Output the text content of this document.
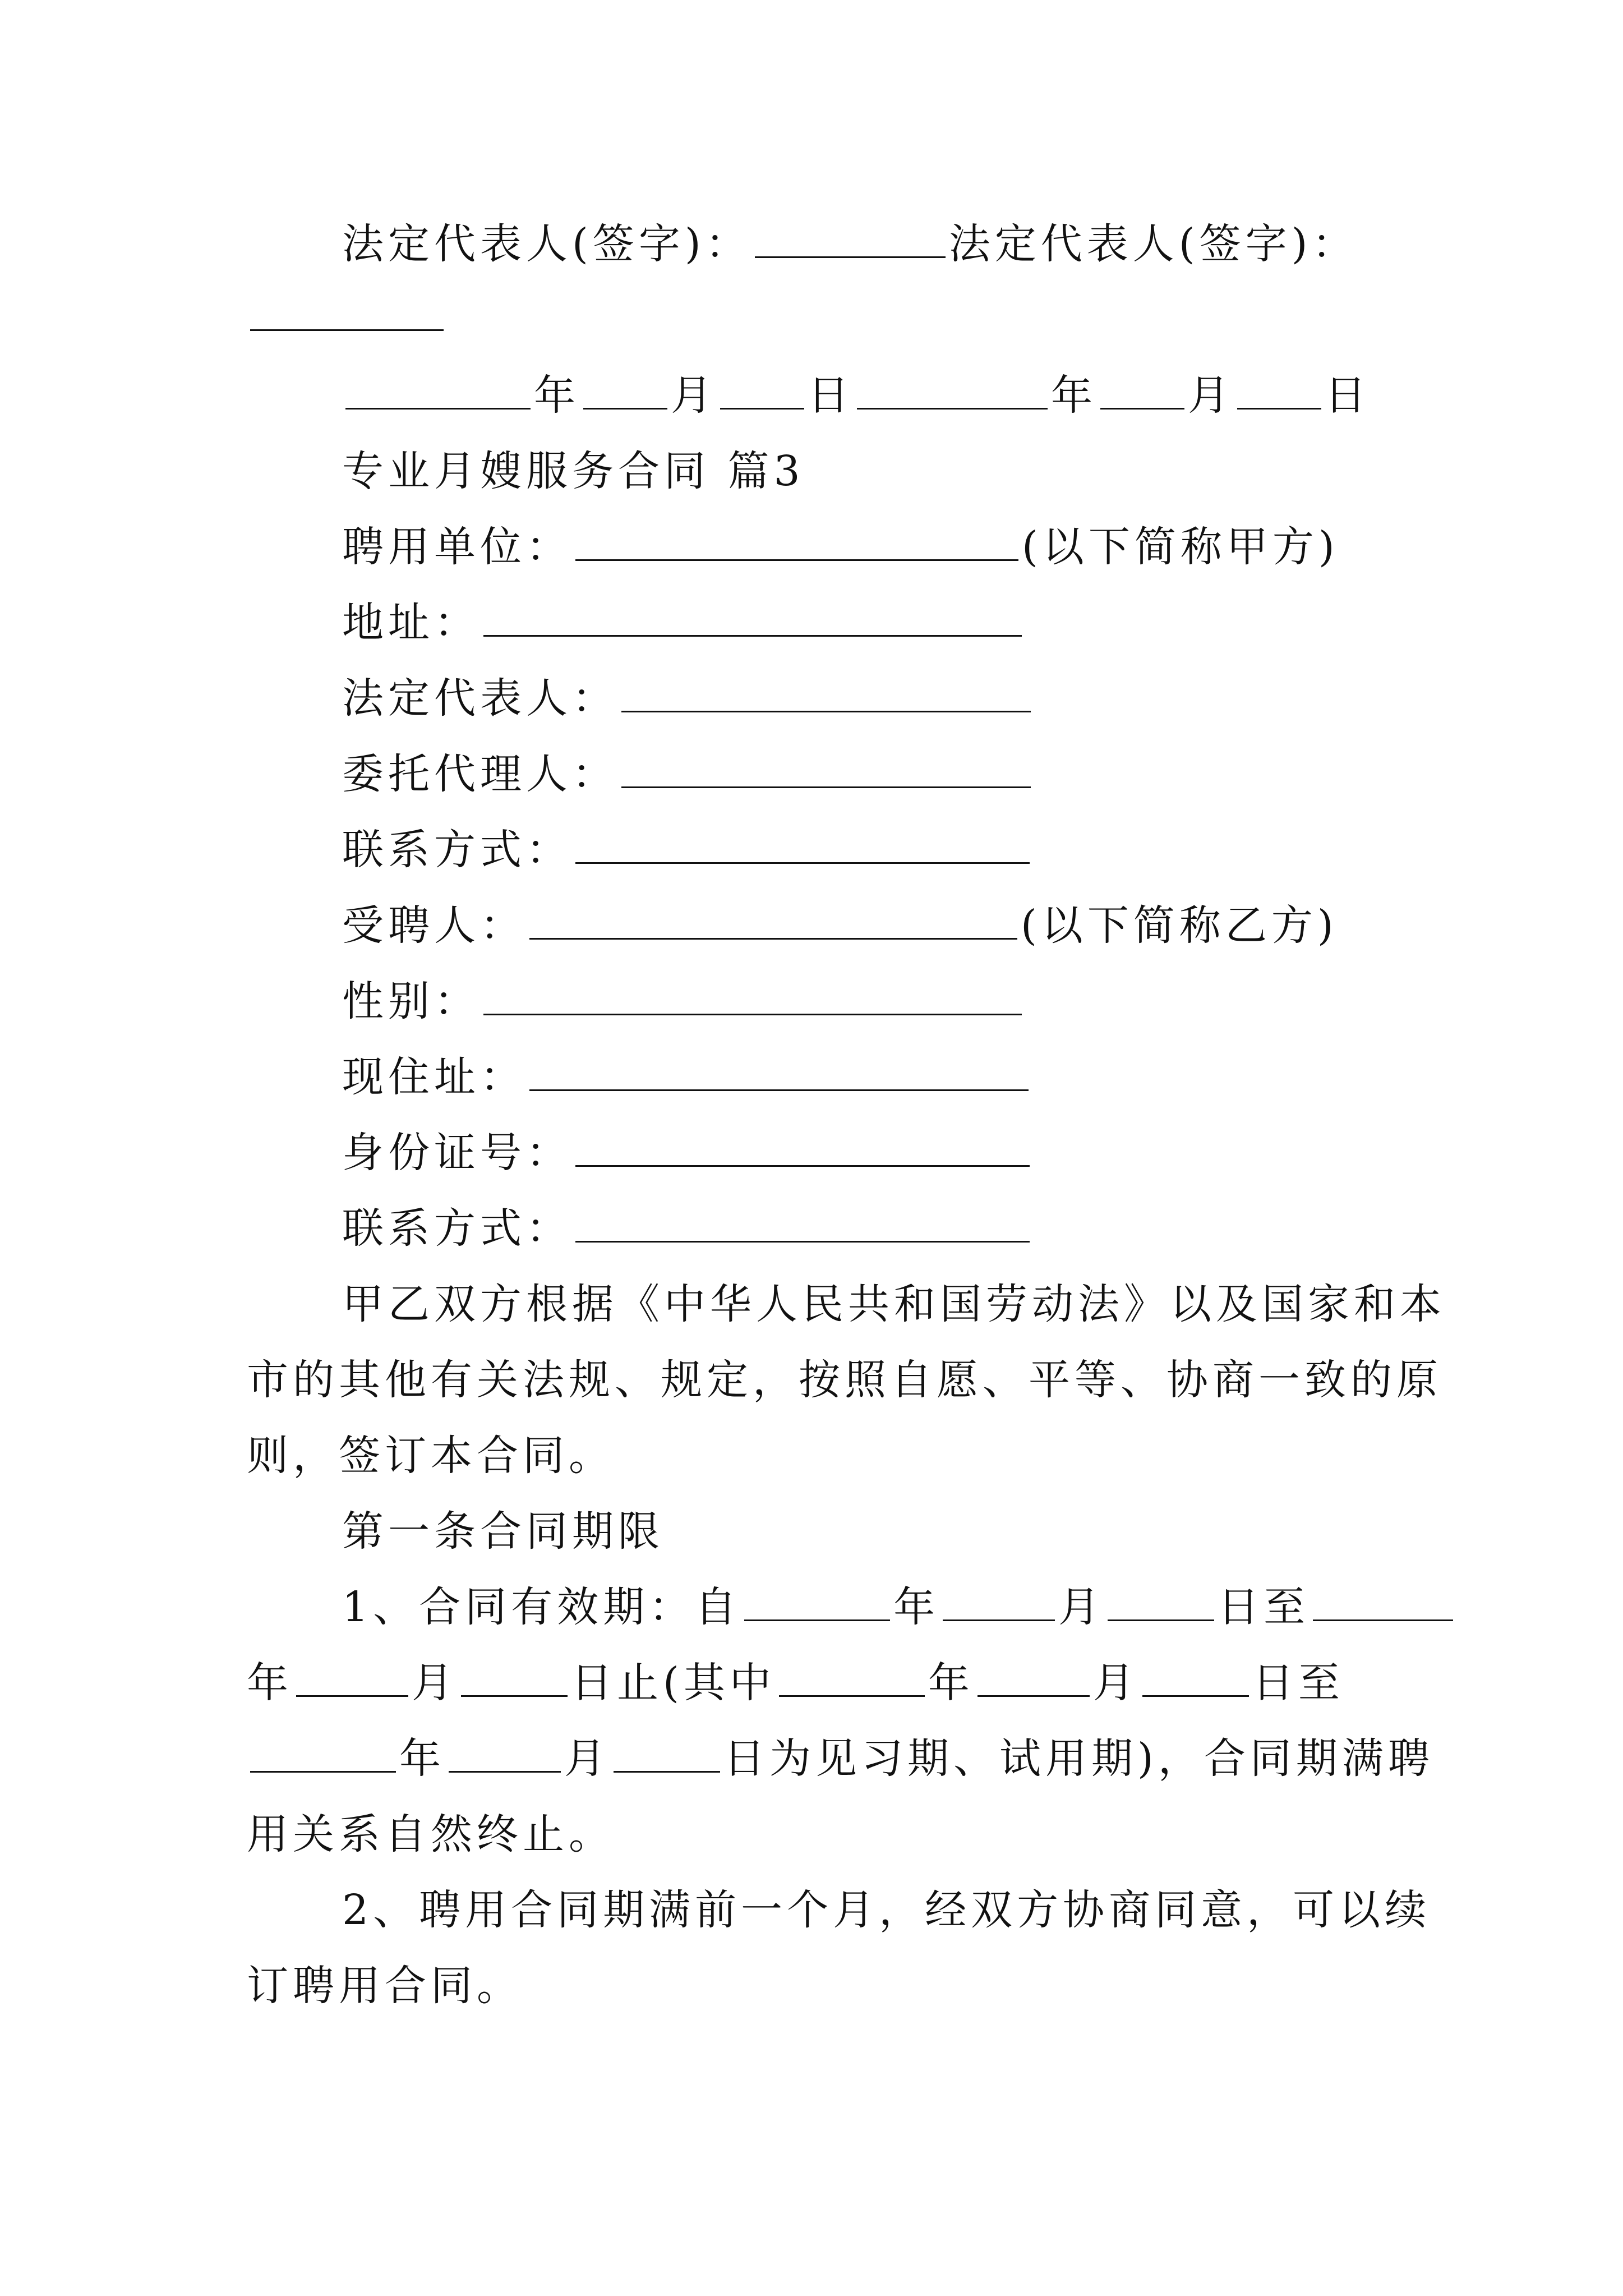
法定代表人(签字)：	法定代表人(签字)：
年 月 日	年 月 日
专业月嫂服务合同 篇3
聘用单位：	(以下简称甲方)
地址：
法定代表人：
委托代理人：
联系方式：
受聘人：	(以下简称乙方)
性别：
现住址：
身份证号：
联系方式：
甲乙双方根据《中华人民共和国劳动法》以及国家和本
市的其他有关法规、规定，按照自愿、平等、协商一致的原
则，签订本合同。
第一条合同期限
1、合同有效期：自	年	月	日至
年	月	日止(其中	年	月	日至
年	月	日为见习期、试用期)，合同期满聘
用关系自然终止。
2、聘用合同期满前一个月，经双方协商同意，可以续
订聘用合同。
